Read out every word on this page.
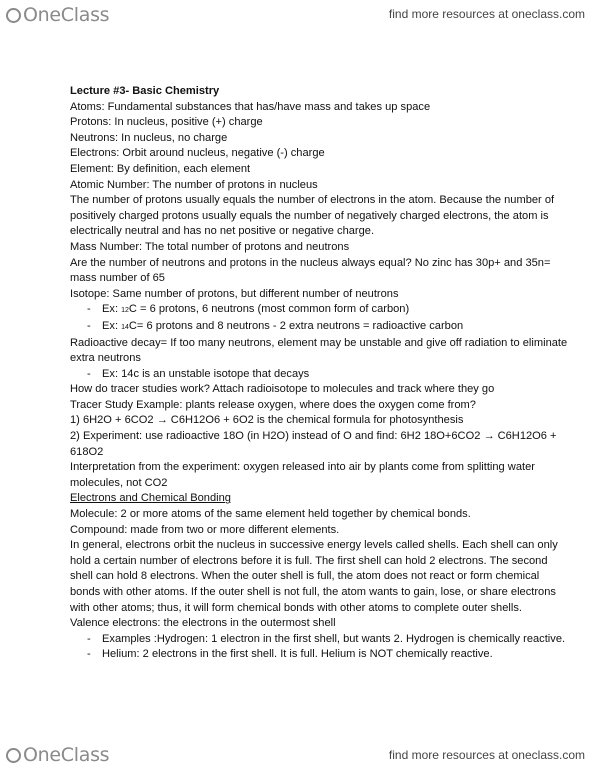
OneClass	find more resources at oneclass.com

Lecture #3- Basic Chemistry

Atoms: Fundamental substances that has/have mass and takes up space

Protons: In nucleus, positive (+) charge

Neutrons: In nucleus, no charge

Electrons: Orbit around nucleus, negative (-) charge

Element: By definition, each element

Atomic Number: The number of protons in nucleus

The number of protons usually equals the number of electrons in the atom. Because the number of positively charged protons usually equals the number of negatively charged electrons, the atom is electrically neutral and has no net positive or negative charge.

Mass Number: The total number of protons and neutrons

Are the number of neutrons and protons in the nucleus always equal? No zinc has 30p+ and 35n= mass number of 65

Isotope: Same number of protons, but different number of neutrons

- Ex: 12C = 6 protons, 6 neutrons (most common form of carbon)

- Ex: 14C= 6 protons and 8 neutrons - 2 extra neutrons = radioactive carbon

Radioactive decay= If too many neutrons, element may be unstable and give off radiation to eliminate extra neutrons

- Ex: 14c is an unstable isotope that decays

How do tracer studies work? Attach radioisotope to molecules and track where they go

Tracer Study Example: plants release oxygen, where does the oxygen come from?

1) 6H2O + 6CO2 → C6H12O6 + 6O2 is the chemical formula for photosynthesis

2) Experiment: use radioactive 18O (in H2O) instead of O and find: 6H2 18O+6CO2 → C6H12O6 + 618O2

Interpretation from the experiment: oxygen released into air by plants come from splitting water molecules, not CO2

Electrons and Chemical Bonding

Molecule: 2 or more atoms of the same element held together by chemical bonds.

Compound: made from two or more different elements.

In general, electrons orbit the nucleus in successive energy levels called shells. Each shell can only hold a certain number of electrons before it is full. The first shell can hold 2 electrons. The second shell can hold 8 electrons. When the outer shell is full, the atom does not react or form chemical bonds with other atoms. If the outer shell is not full, the atom wants to gain, lose, or share electrons with other atoms; thus, it will form chemical bonds with other atoms to complete outer shells.

Valence electrons: the electrons in the outermost shell

- Examples :Hydrogen: 1 electron in the first shell, but wants 2. Hydrogen is chemically reactive.

- Helium: 2 electrons in the first shell. It is full. Helium is NOT chemically reactive.

OneClass	find more resources at oneclass.com
